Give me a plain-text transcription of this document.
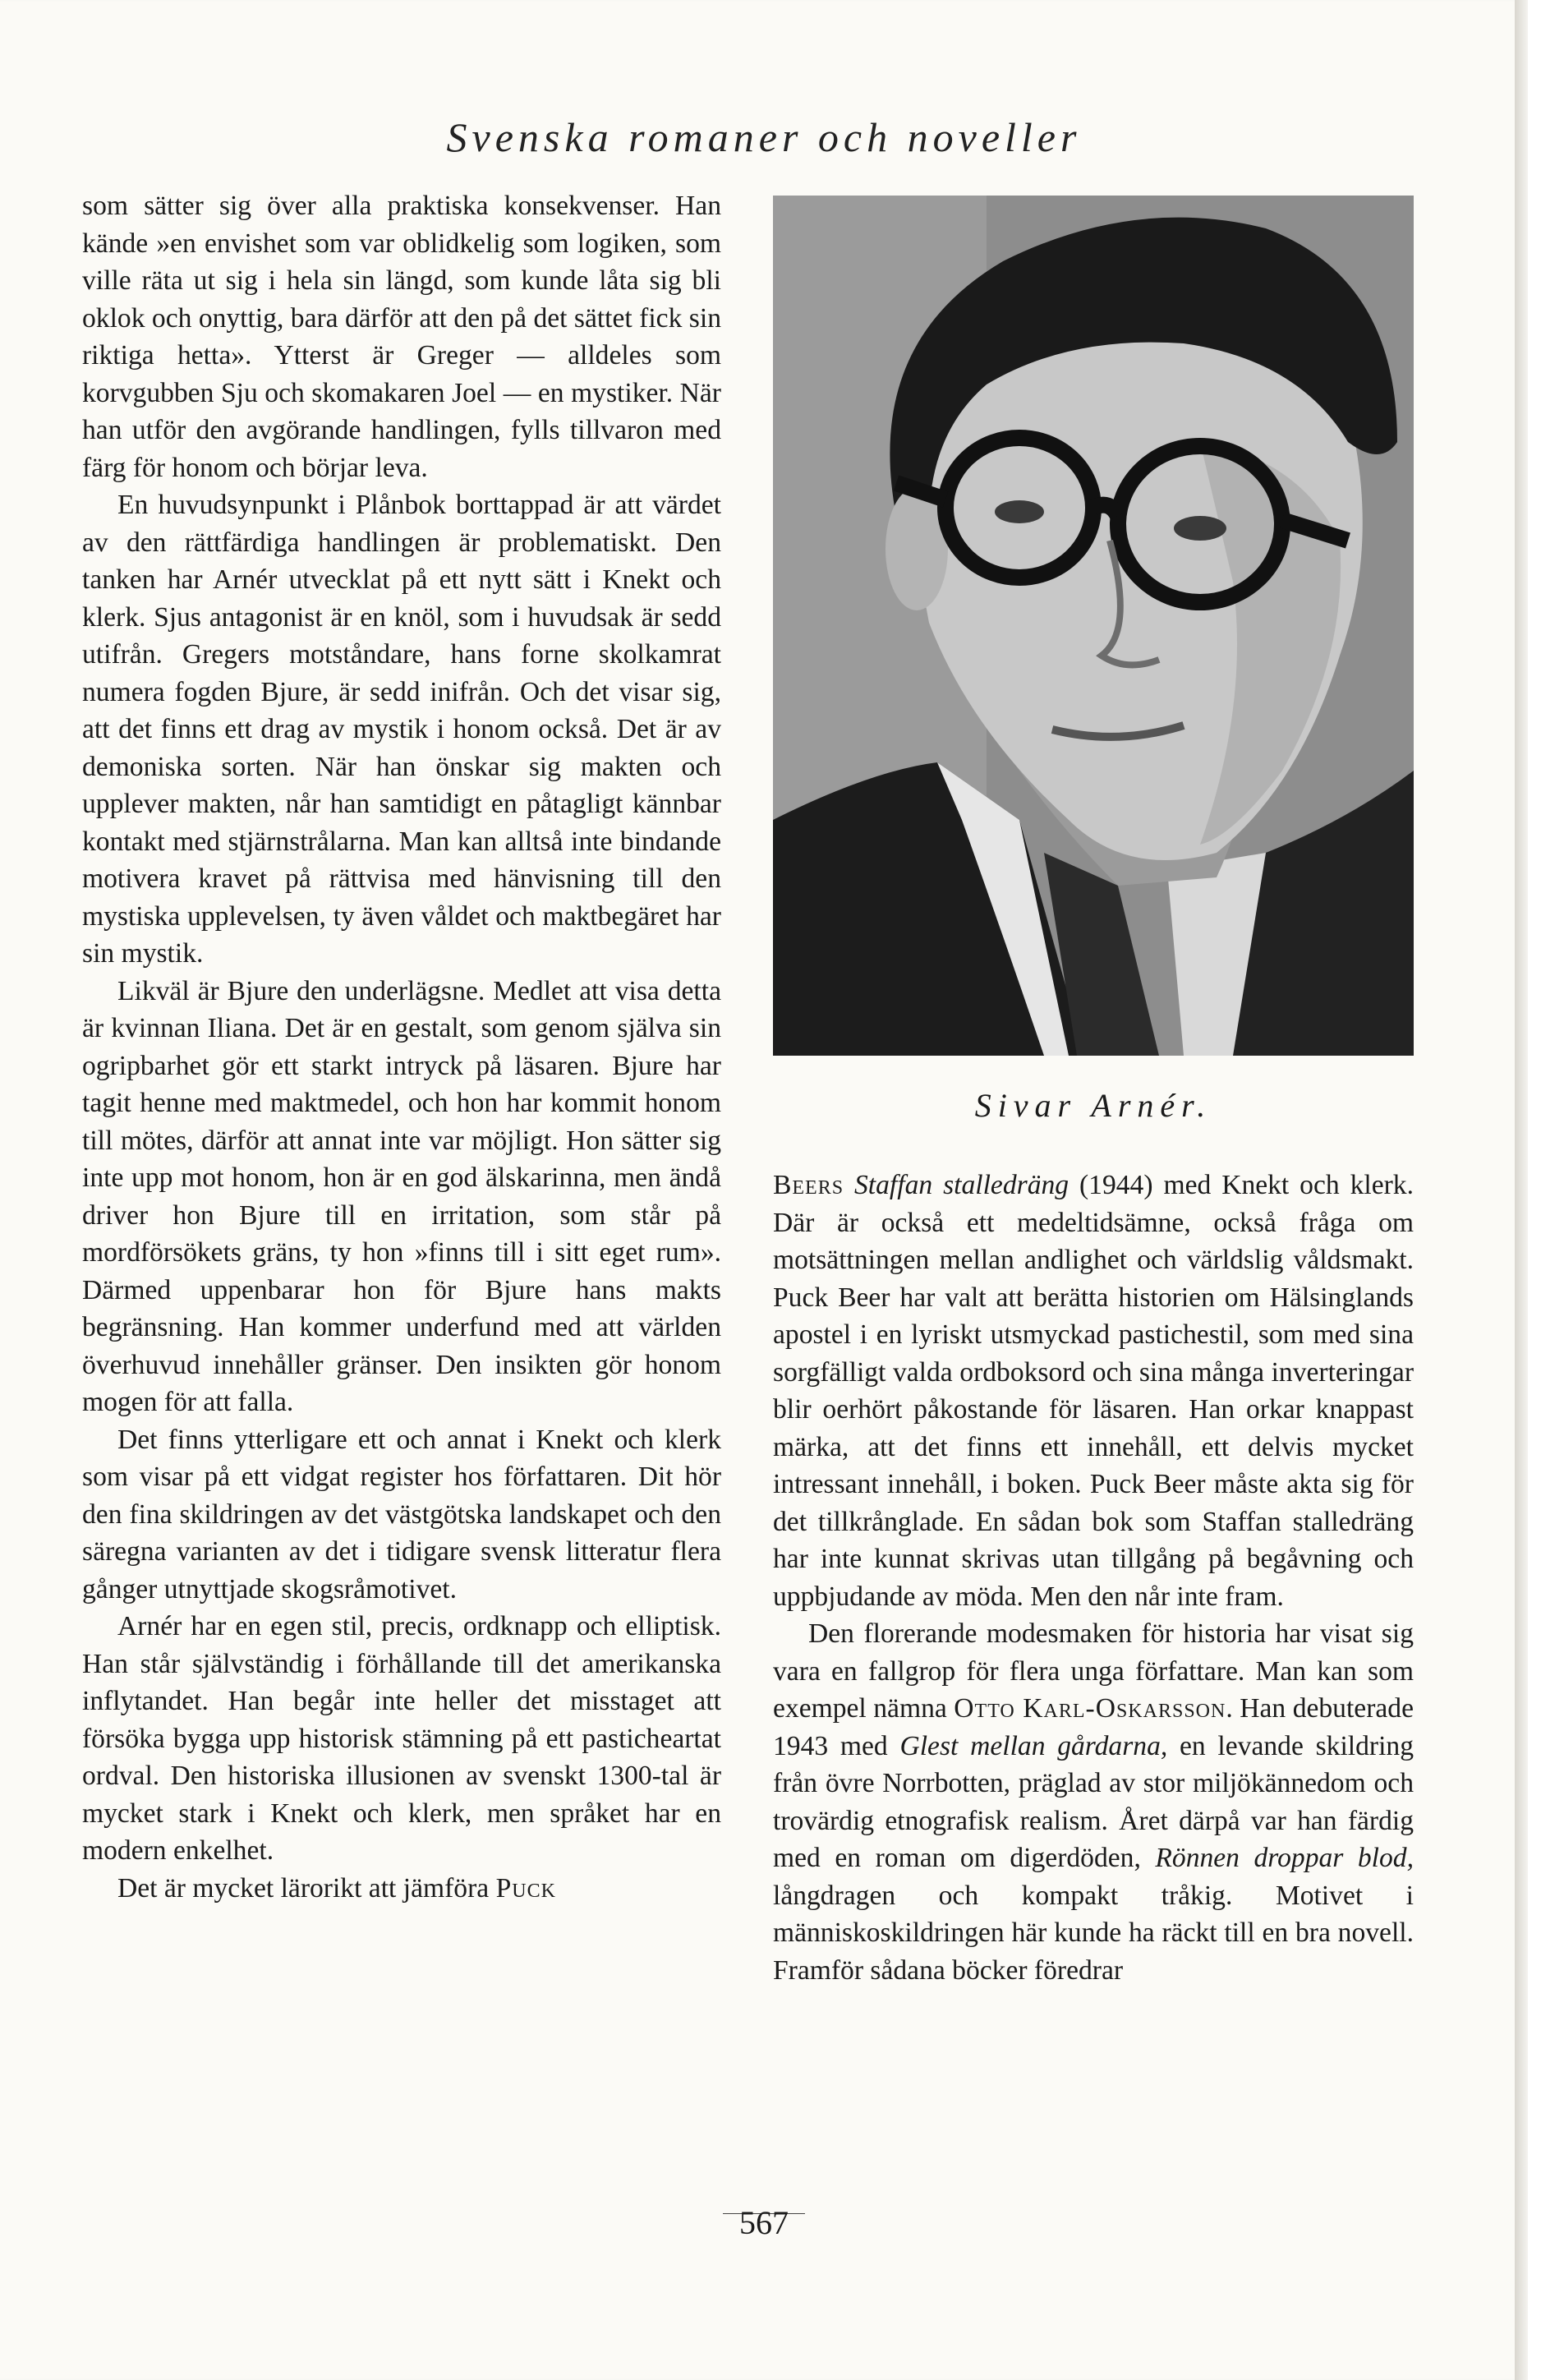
Svenska romaner och noveller

som sätter sig över alla praktiska konsekvenser. Han kände »en envishet som var oblidkelig som logiken, som ville räta ut sig i hela sin längd, som kunde låta sig bli oklok och onyttig, bara därför att den på det sättet fick sin riktiga hetta». Ytterst är Greger — alldeles som korvgubben Sju och skomakaren Joel — en mystiker. När han utför den avgörande handlingen, fylls tillvaron med färg för honom och börjar leva.

En huvudsynpunkt i Plånbok borttappad är att värdet av den rättfärdiga handlingen är problematiskt. Den tanken har Arnér utvecklat på ett nytt sätt i Knekt och klerk. Sjus antagonist är en knöl, som i huvudsak är sedd utifrån. Gregers motståndare, hans forne skolkamrat numera fogden Bjure, är sedd inifrån. Och det visar sig, att det finns ett drag av mystik i honom också. Det är av demoniska sorten. När han önskar sig makten och upplever makten, når han samtidigt en påtagligt kännbar kontakt med stjärnstrålarna. Man kan alltså inte bindande motivera kravet på rättvisa med hänvisning till den mystiska upplevelsen, ty även våldet och maktbegäret har sin mystik.

Likväl är Bjure den underlägsne. Medlet att visa detta är kvinnan Iliana. Det är en gestalt, som genom själva sin ogripbarhet gör ett starkt intryck på läsaren. Bjure har tagit henne med maktmedel, och hon har kommit honom till mötes, därför att annat inte var möjligt. Hon sätter sig inte upp mot honom, hon är en god älskarinna, men ändå driver hon Bjure till en irritation, som står på mordförsökets gräns, ty hon »finns till i sitt eget rum». Därmed uppenbarar hon för Bjure hans makts begränsning. Han kommer underfund med att världen överhuvud innehåller gränser. Den insikten gör honom mogen för att falla.

Det finns ytterligare ett och annat i Knekt och klerk som visar på ett vidgat register hos författaren. Dit hör den fina skildringen av det västgötska landskapet och den säregna varianten av det i tidigare svensk litteratur flera gånger utnyttjade skogsråmotivet.

Arnér har en egen stil, precis, ordknapp och elliptisk. Han står självständig i förhållande till det amerikanska inflytandet. Han begår inte heller det misstaget att försöka bygga upp historisk stämning på ett pasticheartat ordval. Den historiska illusionen av svenskt 1300-tal är mycket stark i Knekt och klerk, men språket har en modern enkelhet.

Det är mycket lärorikt att jämföra Puck

Sivar Arnér.

Beers Staffan stalledräng (1944) med Knekt och klerk. Där är också ett medeltidsämne, också fråga om motsättningen mellan andlighet och världslig våldsmakt. Puck Beer har valt att berätta historien om Hälsinglands apostel i en lyriskt utsmyckad pastichestil, som med sina sorgfälligt valda ordboksord och sina många inverteringar blir oerhört påkostande för läsaren. Han orkar knappast märka, att det finns ett innehåll, ett delvis mycket intressant innehåll, i boken. Puck Beer måste akta sig för det tillkrånglade. En sådan bok som Staffan stalledräng har inte kunnat skrivas utan tillgång på begåvning och uppbjudande av möda. Men den når inte fram.

Den florerande modesmaken för historia har visat sig vara en fallgrop för flera unga författare. Man kan som exempel nämna Otto Karl-Oskarsson. Han debuterade 1943 med Glest mellan gårdarna, en levande skildring från övre Norrbotten, präglad av stor miljökännedom och trovärdig etnografisk realism. Året därpå var han färdig med en roman om digerdöden, Rönnen droppar blod, långdragen och kompakt tråkig. Motivet i människoskildringen här kunde ha räckt till en bra novell. Framför sådana böcker föredrar

567
